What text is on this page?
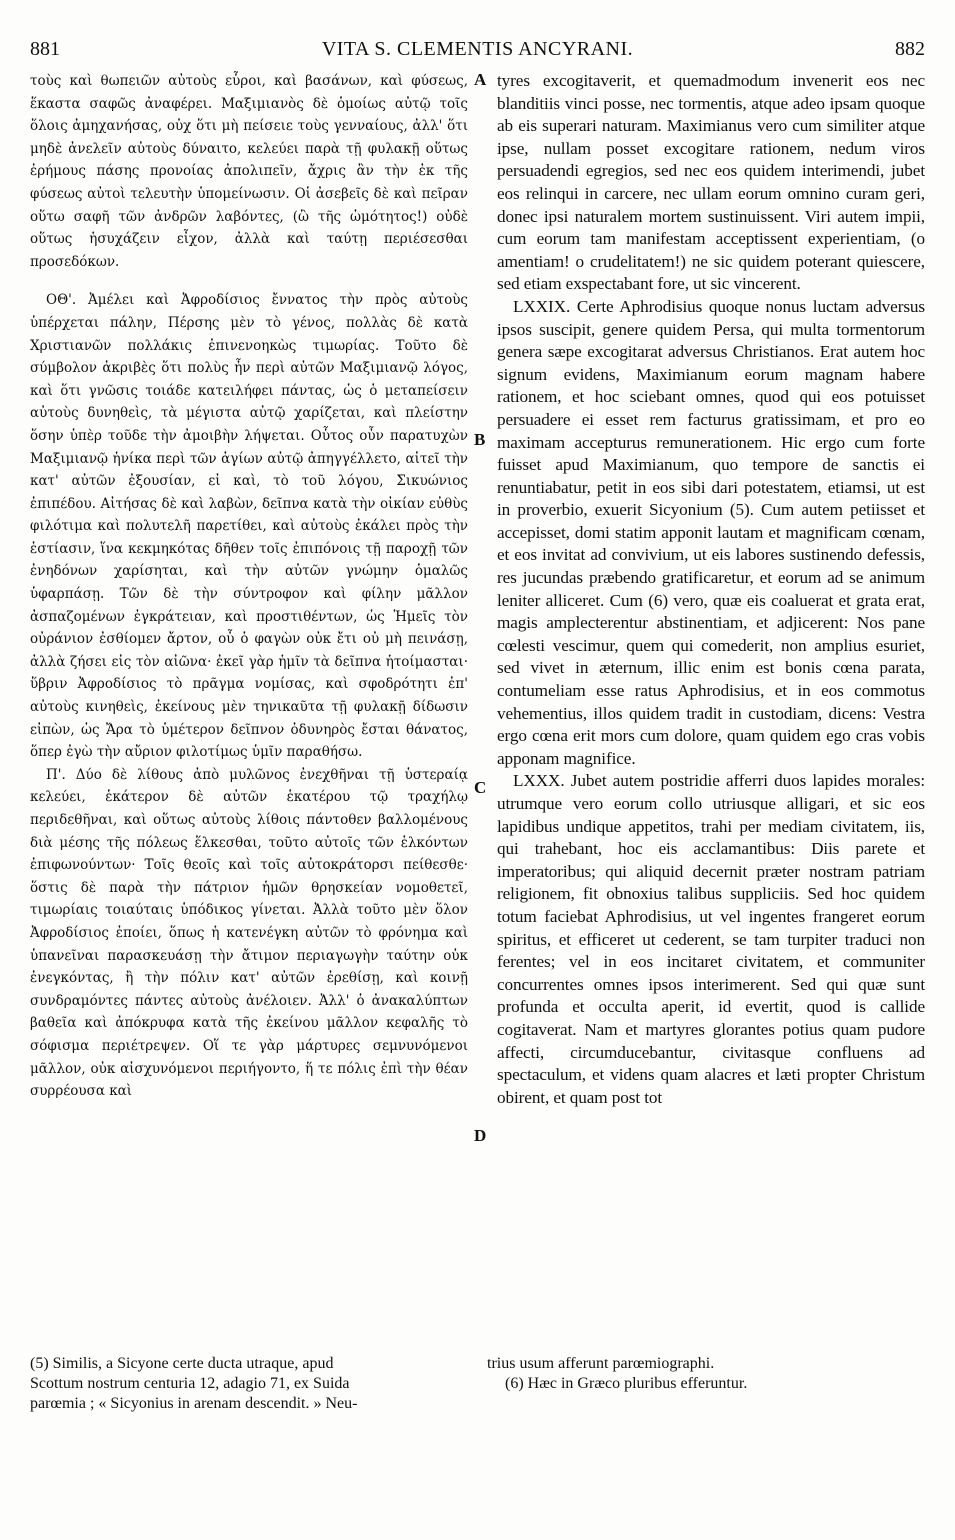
881	VITA S. CLEMENTIS ANCYRANI.	882

τοὺς καὶ θωπειῶν αὐτοὺς εὗροι, καὶ βασάνων, καὶ φύσεως, ἕκαστα σαφῶς ἀναφέρει. Μαξιμιανὸς δὲ ὁμοίως αὐτῷ τοῖς ὅλοις ἀμηχανήσας, οὐχ ὅτι μὴ πείσειε τοὺς γενναίους, ἀλλ' ὅτι μηδὲ ἀνελεῖν αὐτοὺς δύναιτο, κελεύει παρὰ τῇ φυλακῇ οὕτως ἐρήμους πάσης προνοίας ἀπολιπεῖν, ἄχρις ἂν τὴν ἐκ τῆς φύσεως αὐτοὶ τελευτὴν ὑπομείνωσιν. Οἱ ἀσεβεῖς δὲ καὶ πεῖραν οὕτω σαφῆ τῶν ἀνδρῶν λαβόντες, (ὢ τῆς ὠμότητος!) οὐδὲ οὕτως ἡσυχάζειν εἶχον, ἀλλὰ καὶ ταύτῃ περιέσεσθαι προσεδόκων.

ΟΘ'. Ἀμέλει καὶ Ἀφροδίσιος ἔννατος τὴν πρὸς αὐτοὺς ὑπέρχεται πάλην, Πέρσης μὲν τὸ γένος, πολλὰς δὲ κατὰ Χριστιανῶν πολλάκις ἐπινενοηκὼς τιμωρίας. Τοῦτο δὲ σύμβολον ἀκριβὲς ὅτι πολὺς ἦν περὶ αὐτῶν Μαξιμιανῷ λόγος, καὶ ὅτι γνῶσις τοιάδε κατειλήφει πάντας, ὡς ὁ μεταπείσειν αὐτοὺς δυνηθεὶς, τὰ μέγιστα αὐτῷ χαρίζεται, καὶ πλείστην ὅσην ὑπὲρ τοῦδε τὴν ἀμοιβὴν λήψεται. Οὗτος οὖν παρατυχὼν Μαξιμιανῷ ἡνίκα περὶ τῶν ἁγίων αὐτῷ ἀπηγγέλλετο, αἰτεῖ τὴν κατ' αὐτῶν ἐξουσίαν, εἰ καὶ, τὸ τοῦ λόγου, Σικυώνιος ἐπιπέδου. Αἰτήσας δὲ καὶ λαβὼν, δεῖπνα κατὰ τὴν οἰκίαν εὐθὺς φιλότιμα καὶ πολυτελῆ παρετίθει, καὶ αὐτοὺς ἐκάλει πρὸς τὴν ἑστίασιν, ἵνα κεκμηκότας δῆθεν τοῖς ἐπιπόνοις τῇ παροχῇ τῶν ἐνηδόνων χαρίσηται, καὶ τὴν αὐτῶν γνώμην ὁμαλῶς ὑφαρπάσῃ. Τῶν δὲ τὴν σύντροφον καὶ φίλην μᾶλλον ἀσπαζομένων ἐγκράτειαν, καὶ προστιθέντων, ὡς Ἡμεῖς τὸν οὐράνιον ἐσθίομεν ἄρτον, οὗ ὁ φαγὼν οὐκ ἔτι οὐ μὴ πεινάσῃ, ἀλλὰ ζήσει εἰς τὸν αἰῶνα· ἐκεῖ γὰρ ἡμῖν τὰ δεῖπνα ἡτοίμασται· ὕβριν Ἀφροδίσιος τὸ πρᾶγμα νομίσας, καὶ σφοδρότητι ἐπ' αὐτοὺς κινηθεὶς, ἐκείνους μὲν τηνικαῦτα τῇ φυλακῇ δίδωσιν εἰπὼν, ὡς Ἄρα τὸ ὑμέτερον δεῖπνον ὀδυνηρὸς ἔσται θάνατος, ὅπερ ἐγὼ τὴν αὔριον φιλοτίμως ὑμῖν παραθήσω.

Π'. Δύο δὲ λίθους ἀπὸ μυλῶνος ἐνεχθῆναι τῇ ὑστεραίᾳ κελεύει, ἑκάτερον δὲ αὐτῶν ἑκατέρου τῷ τραχήλῳ περιδεθῆναι, καὶ οὕτως αὐτοὺς λίθοις πάντοθεν βαλλομένους διὰ μέσης τῆς πόλεως ἕλκεσθαι, τοῦτο αὐτοῖς τῶν ἑλκόντων ἐπιφωνούντων· Τοῖς θεοῖς καὶ τοῖς αὐτοκράτορσι πείθεσθε· ὅστις δὲ παρὰ τὴν πάτριον ἡμῶν θρησκείαν νομοθετεῖ, τιμωρίαις τοιαύταις ὑπόδικος γίνεται. Ἀλλὰ τοῦτο μὲν ὅλον Ἀφροδίσιος ἐποίει, ὅπως ἡ κατενέγκη αὐτῶν τὸ φρόνημα καὶ ὑπανεῖναι παρασκευάσῃ τὴν ἄτιμον περιαγωγὴν ταύτην οὐκ ἐνεγκόντας, ἢ τὴν πόλιν κατ' αὐτῶν ἐρεθίσῃ, καὶ κοινῇ συνδραμόντες πάντες αὐτοὺς ἀνέλοιεν. Ἀλλ' ὁ ἀνακαλύπτων βαθεῖα καὶ ἀπόκρυφα κατὰ τῆς ἐκείνου μᾶλλον κεφαλῆς τὸ σόφισμα περιέτρεψεν. Οἵ τε γὰρ μάρτυρες σεμνυνόμενοι μᾶλλον, οὐκ αἰσχυνόμενοι περιήγοντο, ἥ τε πόλις ἐπὶ τὴν θέαν συρρέουσα καὶ

tyres excogitaverit, et quemadmodum invenerit eos nec blanditiis vinci posse, nec tormentis, atque adeo ipsam quoque ab eis superari naturam. Maximianus vero cum similiter atque ipse, nullam posset excogitare rationem, nedum viros persuadendi egregios, sed nec eos quidem interimendi, jubet eos relinqui in carcere, nec ullam eorum omnino curam geri, donec ipsi naturalem mortem sustinuissent. Viri autem impii, cum eorum tam manifestam acceptissent experientiam, (o amentiam! o crudelitatem!) ne sic quidem poterant quiescere, sed etiam exspectabant fore, ut sic vincerent.

LXXIX. Certe Aphrodisius quoque nonus luctam adversus ipsos suscipit, genere quidem Persa, qui multa tormentorum genera sæpe excogitarat adversus Christianos. Erat autem hoc signum evidens, Maximianum eorum magnam habere rationem, et hoc sciebant omnes, quod qui eos potuisset persuadere ei esset rem facturus gratissimam, et pro eo maximam accepturus remunerationem. Hic ergo cum forte fuisset apud Maximianum, quo tempore de sanctis ei renuntiabatur, petit in eos sibi dari potestatem, etiamsi, ut est in proverbio, exuerit Sicyonium (5). Cum autem petiisset et accepisset, domi statim apponit lautam et magnificam cœnam, et eos invitat ad convivium, ut eis labores sustinendo defessis, res jucundas præbendo gratificaretur, et eorum ad se animum leniter alliceret. Cum (6) vero, quæ eis coaluerat et grata erat, magis amplecterentur abstinentiam, et adjicerent: Nos pane cœlesti vescimur, quem qui comederit, non amplius esuriet, sed vivet in æternum, illic enim est bonis cœna parata, contumeliam esse ratus Aphrodisius, et in eos commotus vehementius, illos quidem tradit in custodiam, dicens: Vestra ergo cœna erit mors cum dolore, quam quidem ego cras vobis apponam magnifice.

LXXX. Jubet autem postridie afferri duos lapides morales: utrumque vero eorum collo utriusque alligari, et sic eos lapidibus undique appetitos, trahi per mediam civitatem, iis, qui trahebant, hoc eis acclamantibus: Diis parete et imperatoribus; qui aliquid decernit præter nostram patriam religionem, fit obnoxius talibus suppliciis. Sed hoc quidem totum faciebat Aphrodisius, ut vel ingentes frangeret eorum spiritus, et efficeret ut cederent, se tam turpiter traduci non ferentes; vel in eos incitaret civitatem, et communiter concurrentes omnes ipsos interimerent. Sed qui quæ sunt profunda et occulta aperit, id evertit, quod is callide cogitaverat. Nam et martyres glorantes potius quam pudore affecti, circumducebantur, civitasque confluens ad spectaculum, et videns quam alacres et læti propter Christum obirent, et quam post tot

A
B
C
D
(5) Similis, a Sicyone certe ducta utraque, apud
Scottum nostrum centuria 12, adagio 71, ex Suida
parœmia ; « Sicyonius in arenam descendit. » Neu-
trius usum afferunt parœmiographi.
(6) Hæc in Græco pluribus efferuntur.
